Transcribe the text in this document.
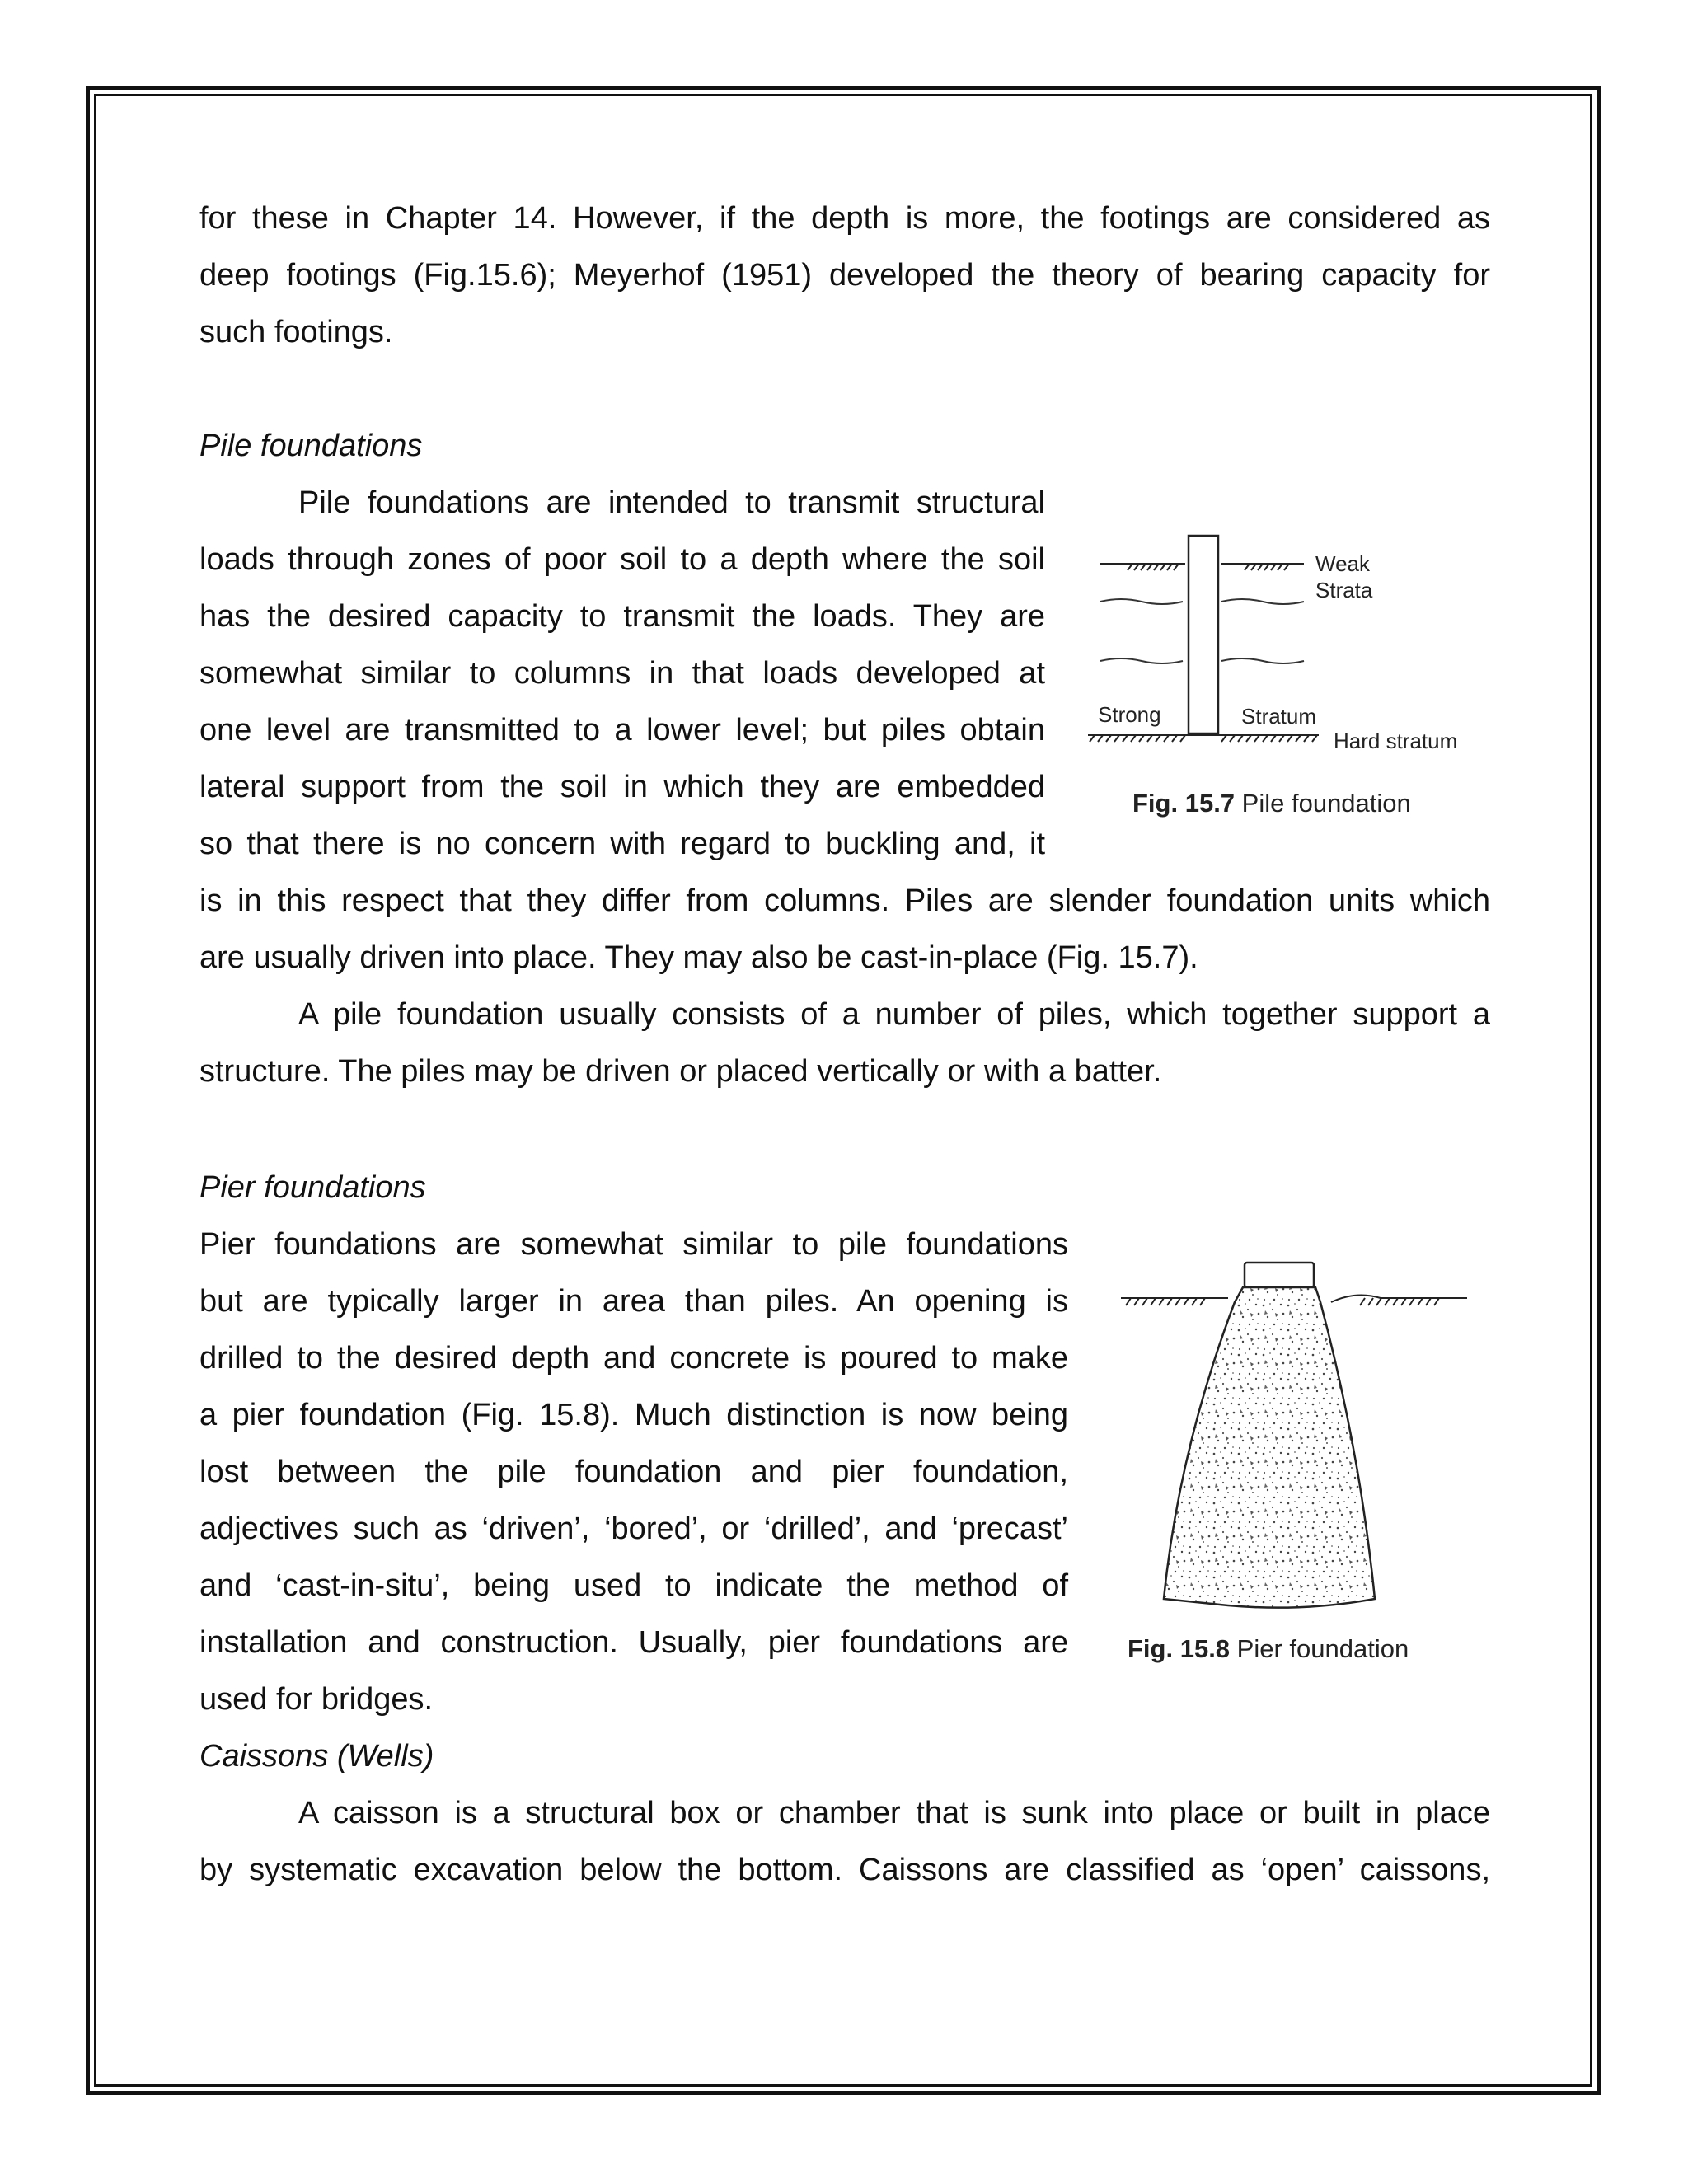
for these in Chapter 14. However, if the depth is more, the footings are considered as

deep footings (Fig.15.6); Meyerhof (1951) developed the theory of bearing capacity for

such footings.

Pile foundations

Pile foundations are intended to transmit structural

loads through zones of poor soil to a depth where the soil

has the desired capacity to transmit the loads. They are

somewhat similar to columns in that loads developed at

one level are transmitted to a lower level; but piles obtain

lateral support from the soil in which they are embedded

so that there is no concern with regard to buckling and, it

is in this respect that they differ from columns. Piles are slender foundation units which

are usually driven into place. They may also be cast-in-place (Fig. 15.7).

A pile foundation usually consists of a number of piles, which together support a

structure. The piles may be driven or placed vertically or with a batter.

Weak
Strata
Strong	Stratum
Hard stratum

Fig. 15.7 Pile foundation

Pier foundations

Pier foundations are somewhat similar to pile foundations

but are typically larger in area than piles. An opening is

drilled to the desired depth and concrete is poured to make

a pier foundation (Fig. 15.8). Much distinction is now being

lost between the pile foundation and pier foundation,

adjectives such as ‘driven’, ‘bored’, or ‘drilled’, and ‘precast’

and ‘cast-in-situ’, being used to indicate the method of

installation and construction. Usually, pier foundations are

used for bridges.

Fig. 15.8 Pier foundation

Caissons (Wells)

A caisson is a structural box or chamber that is sunk into place or built in place

by systematic excavation below the bottom. Caissons are classified as ‘open’ caissons,
